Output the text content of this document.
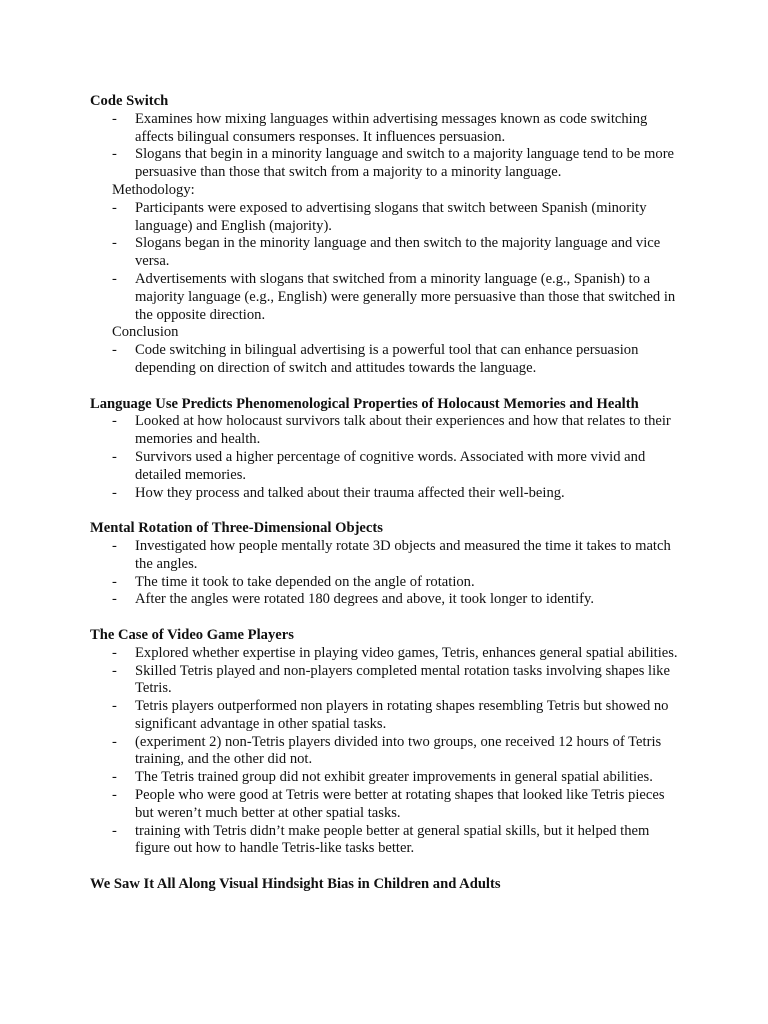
Code Switch

- Examines how mixing languages within advertising messages known as code switching affects bilingual consumers responses. It influences persuasion.
- Slogans that begin in a minority language and switch to a majority language tend to be more persuasive than those that switch from a majority to a minority language.

Methodology:

- Participants were exposed to advertising slogans that switch between Spanish (minority language) and English (majority).
- Slogans began in the minority language and then switch to the majority language and vice versa.
- Advertisements with slogans that switched from a minority language (e.g., Spanish) to a majority language (e.g., English) were generally more persuasive than those that switched in the opposite direction.

Conclusion

- Code switching in bilingual advertising is a powerful tool that can enhance persuasion depending on direction of switch and attitudes towards the language.

Language Use Predicts Phenomenological Properties of Holocaust Memories and Health

- Looked at how holocaust survivors talk about their experiences and how that relates to their memories and health.
- Survivors used a higher percentage of cognitive words. Associated with more vivid and detailed memories.
- How they process and talked about their trauma affected their well-being.

Mental Rotation of Three-Dimensional Objects

- Investigated how people mentally rotate 3D objects and measured the time it takes to match the angles.
- The time it took to take depended on the angle of rotation.
- After the angles were rotated 180 degrees and above, it took longer to identify.

The Case of Video Game Players

- Explored whether expertise in playing video games, Tetris, enhances general spatial abilities.
- Skilled Tetris played and non-players completed mental rotation tasks involving shapes like Tetris.
- Tetris players outperformed non players in rotating shapes resembling Tetris but showed no significant advantage in other spatial tasks.
- (experiment 2) non-Tetris players divided into two groups, one received 12 hours of Tetris training, and the other did not.
- The Tetris trained group did not exhibit greater improvements in general spatial abilities.
- People who were good at Tetris were better at rotating shapes that looked like Tetris pieces but weren’t much better at other spatial tasks.
- training with Tetris didn’t make people better at general spatial skills, but it helped them figure out how to handle Tetris-like tasks better.

We Saw It All Along Visual Hindsight Bias in Children and Adults
